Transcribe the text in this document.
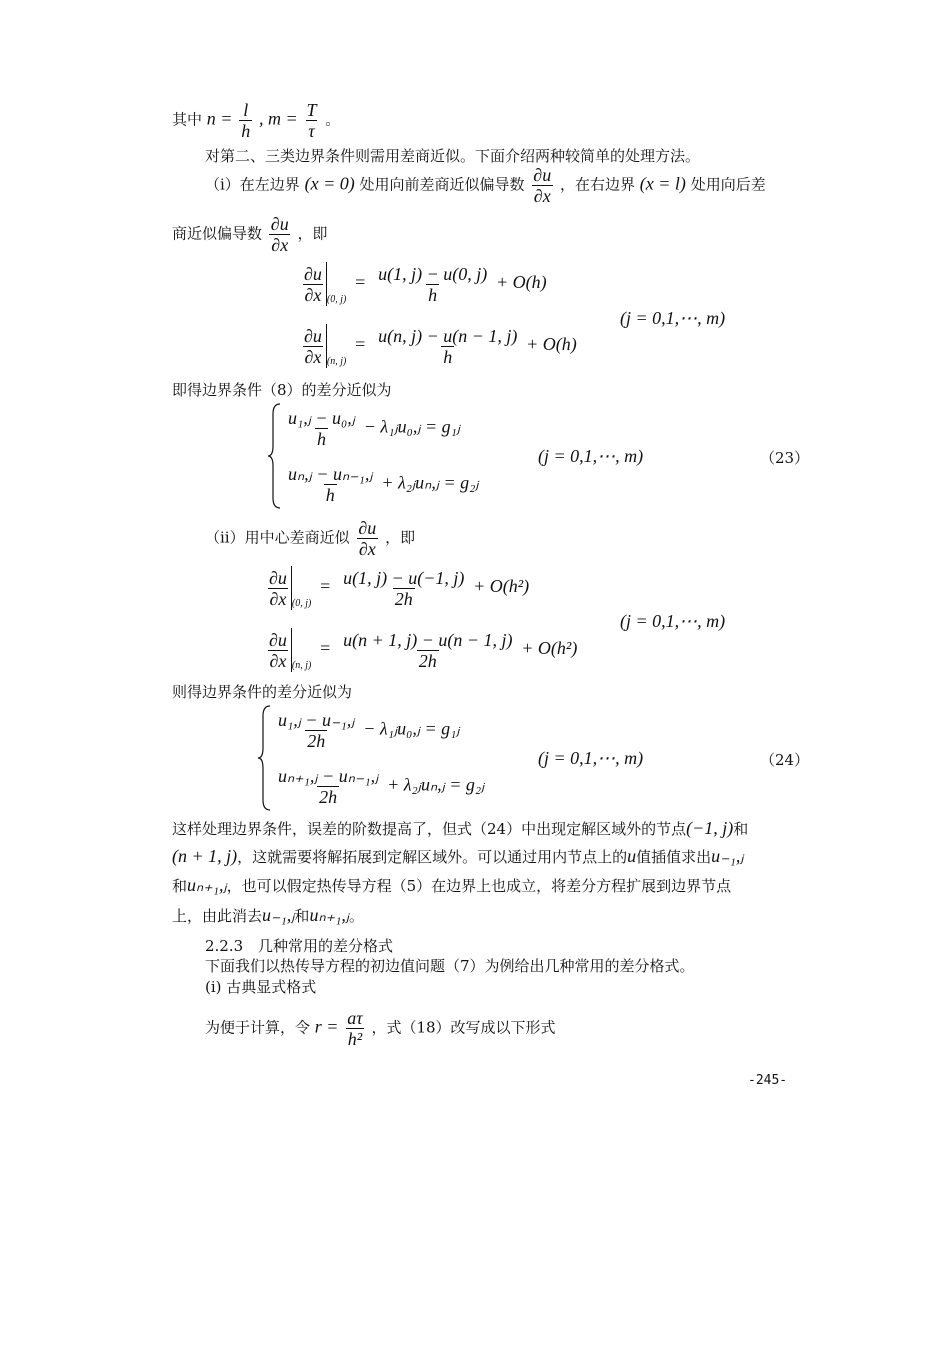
其中 $n = \frac{l}{h}$ , $m = \frac{T}{\tau}$ 。
对第二、三类边界条件则需用差商近似。下面介绍两种较简单的处理方法。
（i）在左边界 (x = 0) 处用向前差商近似偏导数 $\frac{\partial u}{\partial x}$ ，在右边界 (x = l) 处用向后差
商近似偏导数 $\frac{\partial u}{\partial x}$ ，即
$\frac{\partial u}{\partial x} _{(0, j)} = \frac{u(1, j) - u(0, j)}{h} + O(h)$
$\frac{\partial u}{\partial x} _{(n, j)} = \frac{u(n, j) - u(n - 1, j)}{h} + O(h)$
(j = 0,1,⋯, m)
即得边界条件（8）的差分近似为
$\frac{\text{u₁,ⱼ − u₀,ⱼ}}{h}$ − λ₁ⱼu₀,ⱼ = g₁ⱼ
$\frac{\text{uₙ,ⱼ − uₙ₋₁,ⱼ}}{h}$ + λ₂ⱼuₙ,ⱼ = g₂ⱼ
(j = 0,1,⋯, m)	（23）
（ii）用中心差商近似 $\frac{\partial u}{\partial x}$ ，即
$\frac{\partial u}{\partial x} _{(0, j)} = \frac{u(1, j) - u(-1, j)}{2h} + O(h^2)$
$\frac{\partial u}{\partial x} _{(n, j)} = \frac{u(n + 1, j) - u(n - 1, j)}{2h} + O(h^2)$
(j = 0,1,⋯, m)
则得边界条件的差分近似为
$\frac{\text{u₁,ⱼ − u₋₁,ⱼ}}{2h}$ − λ₁ⱼu₀,ⱼ = g₁ⱼ
$\frac{\text{uₙ₊₁,ⱼ − uₙ₋₁,ⱼ}}{2h}$ + λ₂ⱼuₙ,ⱼ = g₂ⱼ
(j = 0,1,⋯, m)	（24）
这样处理边界条件，误差的阶数提高了，但式（24）中出现定解区域外的节点(−1, j)和
(n + 1, j)，这就需要将解拓展到定解区域外。可以通过用内节点上的u值插值求出u₋₁,ⱼ
和uₙ₊₁,ⱼ，也可以假定热传导方程（5）在边界上也成立，将差分方程扩展到边界节点
上，由此消去u₋₁,ⱼ和uₙ₊₁,ⱼ。
2.2.3 几种常用的差分格式
下面我们以热传导方程的初边值问题（7）为例给出几种常用的差分格式。
(i) 古典显式格式
为便于计算，令 $r = \frac{a\tau}{\text{h²}}$ ，式（18）改写成以下形式
-245-
